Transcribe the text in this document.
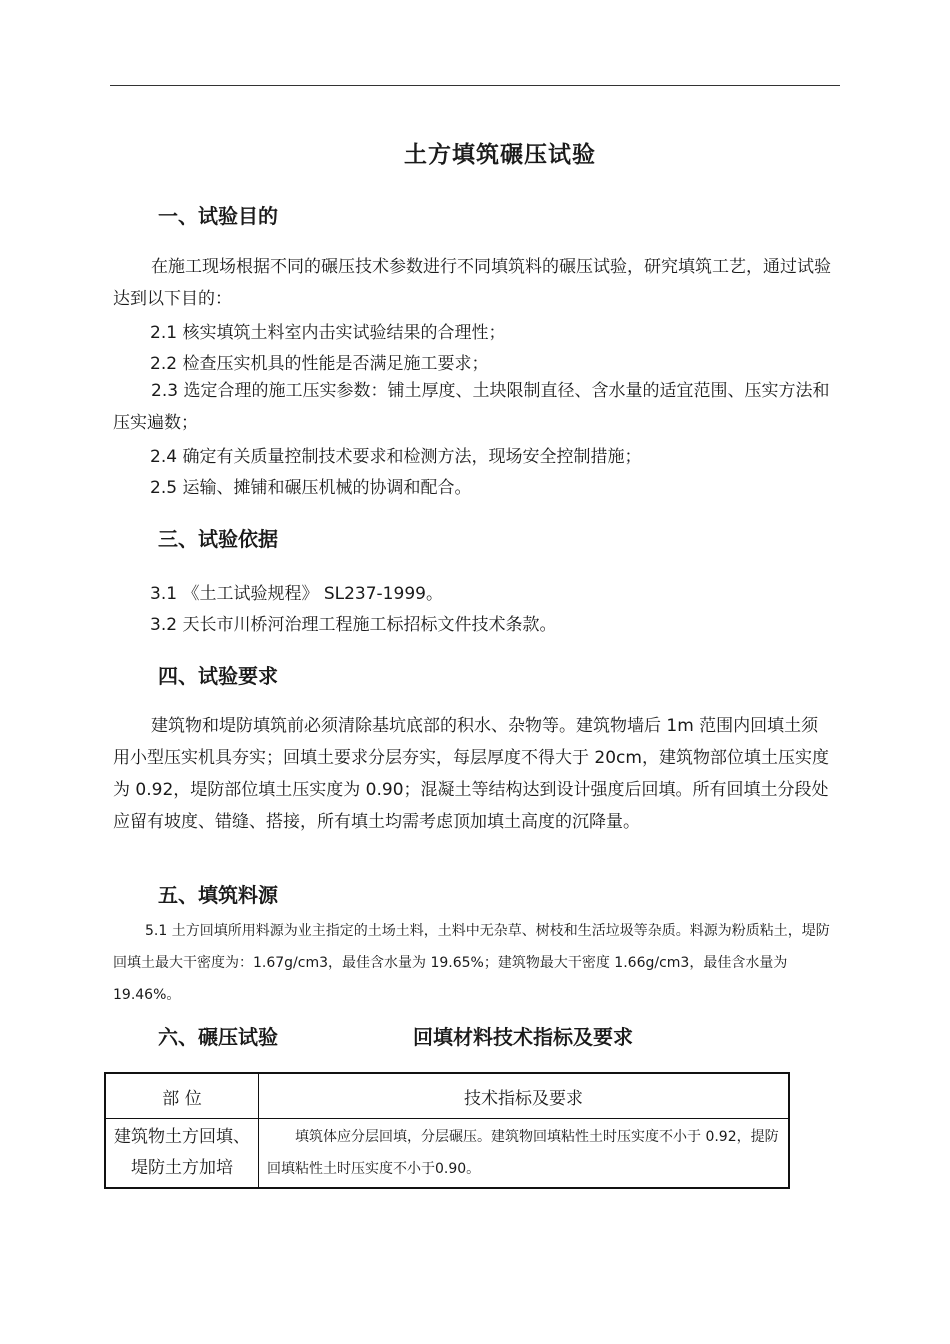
土方填筑碾压试验
一、试验目的
在施工现场根据不同的碾压技术参数进行不同填筑料的碾压试验，研究填筑工艺，通过试验达到以下目的：
2.1 核实填筑土料室内击实试验结果的合理性；
2.2 检查压实机具的性能是否满足施工要求；
2.3 选定合理的施工压实参数：铺土厚度、土块限制直径、含水量的适宜范围、压实方法和压实遍数；
2.4 确定有关质量控制技术要求和检测方法，现场安全控制措施；
2.5 运输、摊铺和碾压机械的协调和配合。
三、试验依据
3.1 《土工试验规程》 SL237-1999。
3.2 天长市川桥河治理工程施工标招标文件技术条款。
四、试验要求
建筑物和堤防填筑前必须清除基坑底部的积水、杂物等。建筑物墙后 1m 范围内回填土须用小型压实机具夯实；回填土要求分层夯实，每层厚度不得大于 20cm，建筑物部位填土压实度为 0.92，堤防部位填土压实度为 0.90；混凝土等结构达到设计强度后回填。所有回填土分段处应留有坡度、错缝、搭接，所有填土均需考虑顶加填土高度的沉降量。
五、填筑料源
5.1 土方回填所用料源为业主指定的土场土料，土料中无杂草、树枝和生活垃圾等杂质。料源为粉质粘土，堤防回填土最大干密度为：1.67g/cm3，最佳含水量为 19.65%；建筑物最大干密度 1.66g/cm3，最佳含水量为 19.46%。
六、碾压试验	回填材料技术指标及要求
部 位	技术指标及要求
建筑物土方回填、堤防土方加培	填筑体应分层回填，分层碾压。建筑物回填粘性土时压实度不小于 0.92，提防回填粘性土时压实度不小于0.90。
